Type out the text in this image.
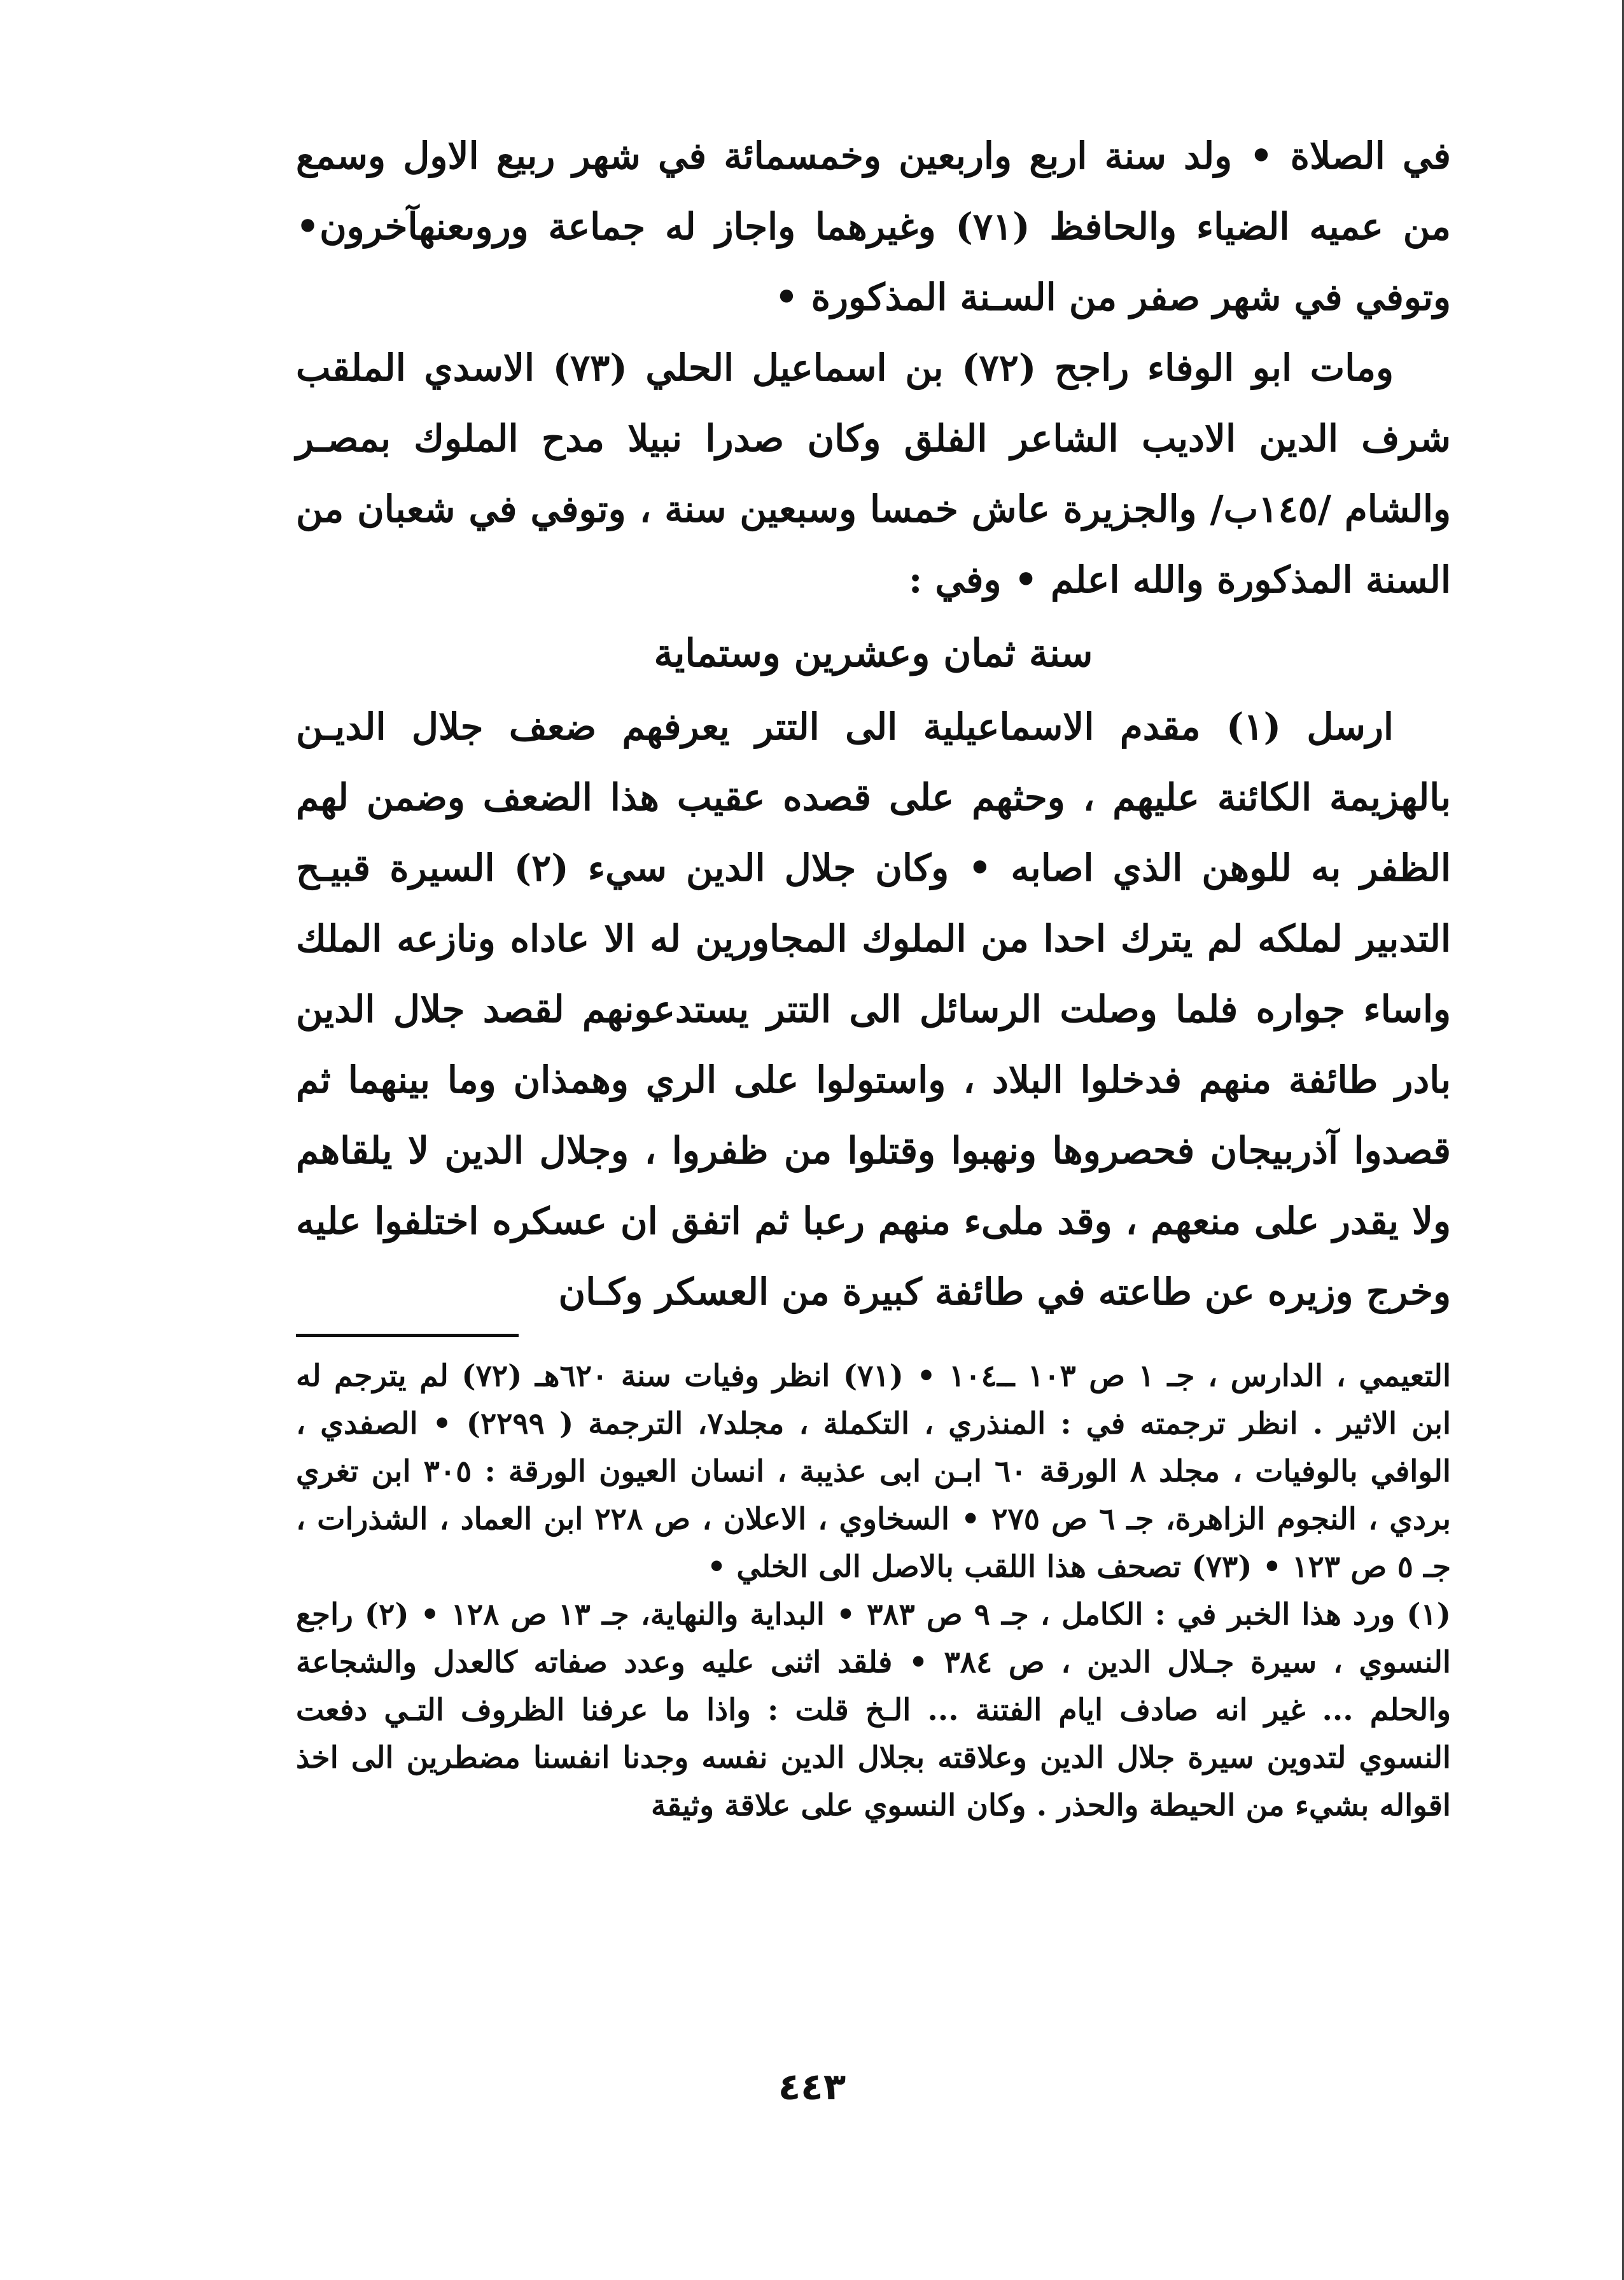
في الصلاة • ولد سنة اربع واربعين وخمسمائة في شهر ربيع الاول وسمع من عميه الضياء والحافظ (٧١) وغيرهما واجاز له جماعة وروىعنهآخرون• وتوفي في شهر صفر من السـنة المذكورة •

ومات ابو الوفاء راجح (٧٢) بن اسماعيل الحلي (٧٣) الاسدي الملقب شرف الدين الاديب الشاعر الفلق وكان صدرا نبيلا مدح الملوك بمصـر والشام /١٤٥ب/ والجزيرة عاش خمسا وسبعين سنة ، وتوفي في شعبان من السنة المذكورة والله اعلم • وفي :

سنة ثمان وعشرين وستماية

ارسل (١) مقدم الاسماعيلية الى التتر يعرفهم ضعف جلال الديـن بالهزيمة الكائنة عليهم ، وحثهم على قصده عقيب هذا الضعف وضمن لهم الظفر به للوهن الذي اصابه • وكان جلال الدين سيء (٢) السيرة قبيـح التدبير لملكه لم يترك احدا من الملوك المجاورين له الا عاداه ونازعه الملك واساء جواره فلما وصلت الرسائل الى التتر يستدعونهم لقصد جلال الدين بادر طائفة منهم فدخلوا البلاد ، واستولوا على الري وهمذان وما بينهما ثم قصدوا آذربيجان فحصروها ونهبوا وقتلوا من ظفروا ، وجلال الدين لا يلقاهم ولا يقدر على منعهم ، وقد ملىء منهم رعبا ثم اتفق ان عسكره اختلفوا عليه وخرج وزيره عن طاعته في طائفة كبيرة من العسكر وكـان

التعيمي ، الدارس ، جـ ١ ص ١٠٣ ــ١٠٤ • (٧١) انظر وفيات سنة ٦٢٠هـ (٧٢) لم يترجم له ابن الاثير . انظر ترجمته في : المنذري ، التكملة ، مجلد٧، الترجمة ( ٢٢٩٩) • الصفدي ، الوافي بالوفيات ، مجلد ٨ الورقة ٦٠ ابـن ابى عذيبة ، انسان العيون الورقة : ٣٠٥ ابن تغري بردي ، النجوم الزاهرة، جـ ٦ ص ٢٧٥ • السخاوي ، الاعلان ، ص ٢٢٨ ابن العماد ، الشذرات ، جـ ٥ ص ١٢٣ • (٧٣) تصحف هذا اللقب بالاصل الى الخلي •

(١) ورد هذا الخبر في : الكامل ، جـ ٩ ص ٣٨٣ • البداية والنهاية، جـ ١٣ ص ١٢٨ • (٢) راجع النسوي ، سيرة جـلال الدين ، ص ٣٨٤ • فلقد اثنى عليه وعدد صفاته كالعدل والشجاعة والحلم ... غير انه صادف ايام الفتنة ... الـخ قلت : واذا ما عرفنا الظروف التـي دفعت النسوي لتدوين سيرة جلال الدين وعلاقته بجلال الدين نفسه وجدنا انفسنا مضطرين الى اخذ اقواله بشيء من الحيطة والحذر . وكان النسوي على علاقة وثيقة

٤٤٣
